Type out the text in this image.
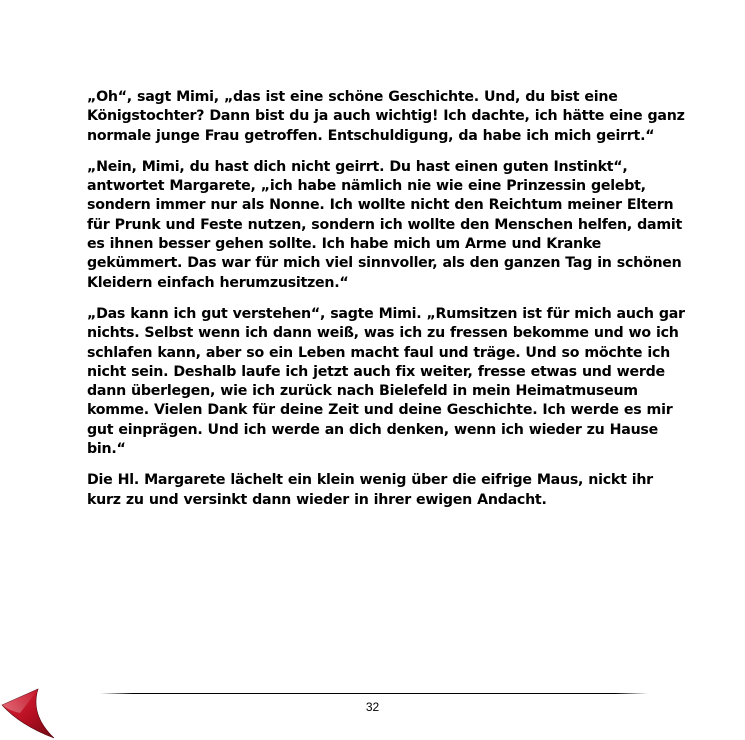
„Oh“, sagt Mimi, „das ist eine schöne Geschichte. Und, du bist eine Königstochter? Dann bist du ja auch wichtig! Ich dachte, ich hätte eine ganz normale junge Frau getroffen. Entschuldigung, da habe ich mich geirrt.“

„Nein, Mimi, du hast dich nicht geirrt. Du hast einen guten Instinkt“, antwortet Margarete, „ich habe nämlich nie wie eine Prinzessin gelebt, sondern immer nur als Nonne. Ich wollte nicht den Reichtum meiner Eltern für Prunk und Feste nutzen, sondern ich wollte den Menschen helfen, damit es ihnen besser gehen sollte. Ich habe mich um Arme und Kranke gekümmert. Das war für mich viel sinnvoller, als den ganzen Tag in schönen Kleidern einfach herumzusitzen.“

„Das kann ich gut verstehen“, sagte Mimi. „Rumsitzen ist für mich auch gar nichts. Selbst wenn ich dann weiß, was ich zu fressen bekomme und wo ich schlafen kann, aber so ein Leben macht faul und träge. Und so möchte ich nicht sein. Deshalb laufe ich jetzt auch fix weiter, fresse etwas und werde dann überlegen, wie ich zurück nach Bielefeld in mein Heimatmuseum komme. Vielen Dank für deine Zeit und deine Geschichte. Ich werde es mir gut einprägen. Und ich werde an dich denken, wenn ich wieder zu Hause bin.“

Die Hl. Margarete lächelt ein klein wenig über die eifrige Maus, nickt ihr kurz zu und versinkt dann wieder in ihrer ewigen Andacht.

32
